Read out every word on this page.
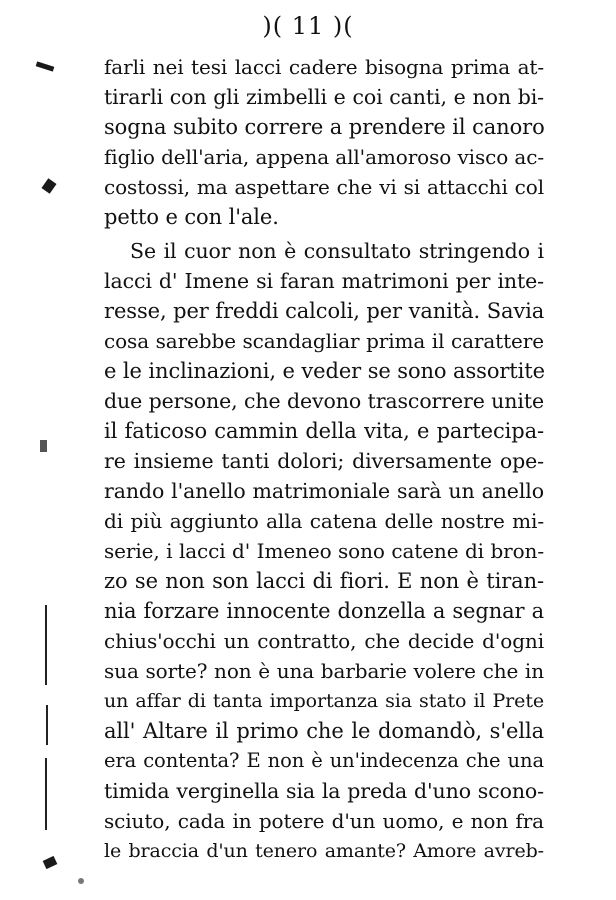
)( 11 )(
farli nei tesi lacci cadere bisogna prima at-
tirarli con gli zimbelli e coi canti, e non bi-
sogna subito correre a prendere il canoro
figlio dell'aria, appena all'amoroso visco ac-
costossi, ma aspettare che vi si attacchi col
petto e con l'ale.
Se il cuor non è consultato stringendo i
lacci d' Imene si faran matrimoni per inte-
resse, per freddi calcoli, per vanità. Savia
cosa sarebbe scandagliar prima il carattere
e le inclinazioni, e veder se sono assortite
due persone, che devono trascorrere unite
il faticoso cammin della vita, e partecipa-
re insieme tanti dolori; diversamente ope-
rando l'anello matrimoniale sarà un anello
di più aggiunto alla catena delle nostre mi-
serie, i lacci d' Imeneo sono catene di bron-
zo se non son lacci di fiori. E non è tiran-
nia forzare innocente donzella a segnar a
chius'occhi un contratto, che decide d'ogni
sua sorte? non è una barbarie volere che in
un affar di tanta importanza sia stato il Prete
all' Altare il primo che le domandò, s'ella
era contenta? E non è un'indecenza che una
timida verginella sia la preda d'uno scono-
sciuto, cada in potere d'un uomo, e non fra
le braccia d'un tenero amante? Amore avreb-
